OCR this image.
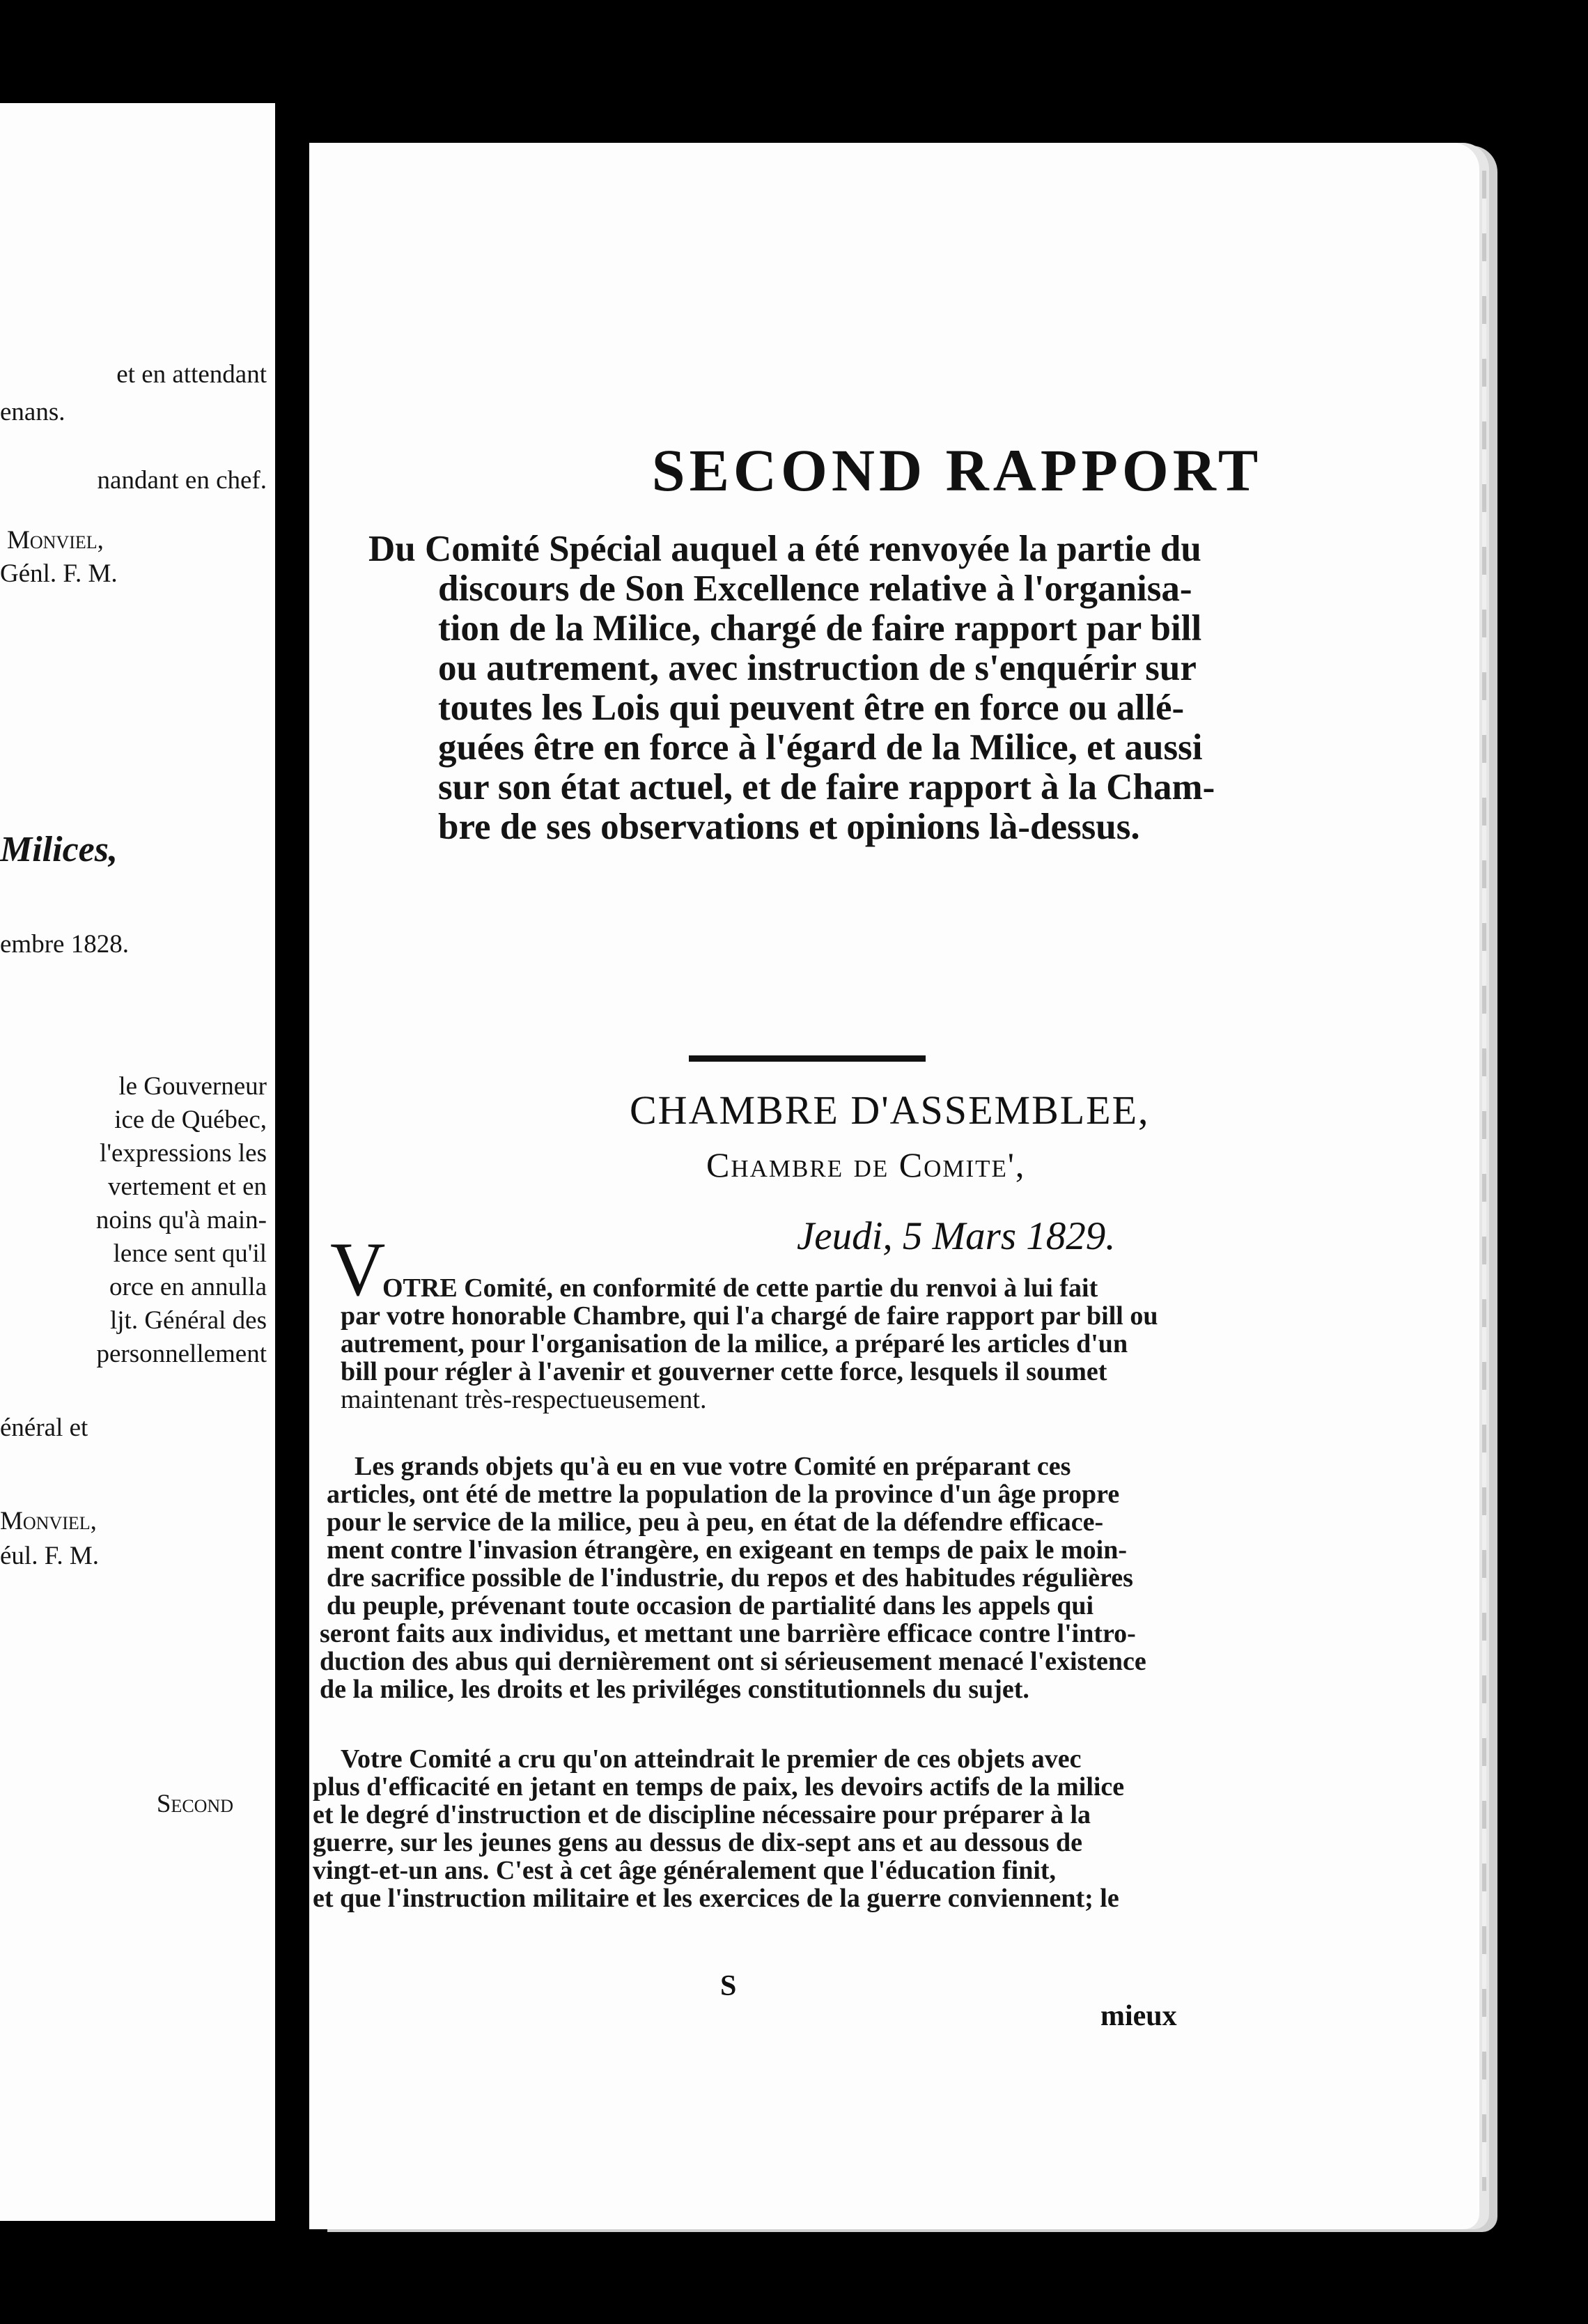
et en attendant
enans.
nandant en chef.
Monviel,
Génl. F. M.
Milices,
embre 1828.
le Gouverneur
ice de Québec,
l'expressions les
vertement et en
noins qu'à main-
lence sent qu'il
orce en annulla
ljt. Général des
personnellement
énéral et
Monviel,
éul. F. M.
Second
SECOND RAPPORT
Du Comité Spécial auquel a été renvoyée la partie du
discours de Son Excellence relative à l'organisa-
tion de la Milice, chargé de faire rapport par bill
ou autrement, avec instruction de s'enquérir sur
toutes les Lois qui peuvent être en force ou allé-
guées être en force à l'égard de la Milice, et aussi
sur son état actuel, et de faire rapport à la Cham-
bre de ses observations et opinions là-dessus.
CHAMBRE D'ASSEMBLEE,
Chambre de Comite',
Jeudi, 5 Mars 1829.
V
OTRE Comité, en conformité de cette partie du renvoi à lui fait
par votre honorable Chambre, qui l'a chargé de faire rapport par bill ou
autrement, pour l'organisation de la milice, a préparé les articles d'un
bill pour régler à l'avenir et gouverner cette force, lesquels il soumet
maintenant très-respectueusement.
Les grands objets qu'à eu en vue votre Comité en préparant ces
articles, ont été de mettre la population de la province d'un âge propre
pour le service de la milice, peu à peu, en état de la défendre efficace-
ment contre l'invasion étrangère, en exigeant en temps de paix le moin-
dre sacrifice possible de l'industrie, du repos et des habitudes régulières
du peuple, prévenant toute occasion de partialité dans les appels qui
seront faits aux individus, et mettant une barrière efficace contre l'intro-
duction des abus qui dernièrement ont si sérieusement menacé l'existence
de la milice, les droits et les priviléges constitutionnels du sujet.
Votre Comité a cru qu'on atteindrait le premier de ces objets avec
plus d'efficacité en jetant en temps de paix, les devoirs actifs de la milice
et le degré d'instruction et de discipline nécessaire pour préparer à la
guerre, sur les jeunes gens au dessus de dix-sept ans et au dessous de
vingt-et-un ans. C'est à cet âge généralement que l'éducation finit,
et que l'instruction militaire et les exercices de la guerre conviennent; le
S
mieux
